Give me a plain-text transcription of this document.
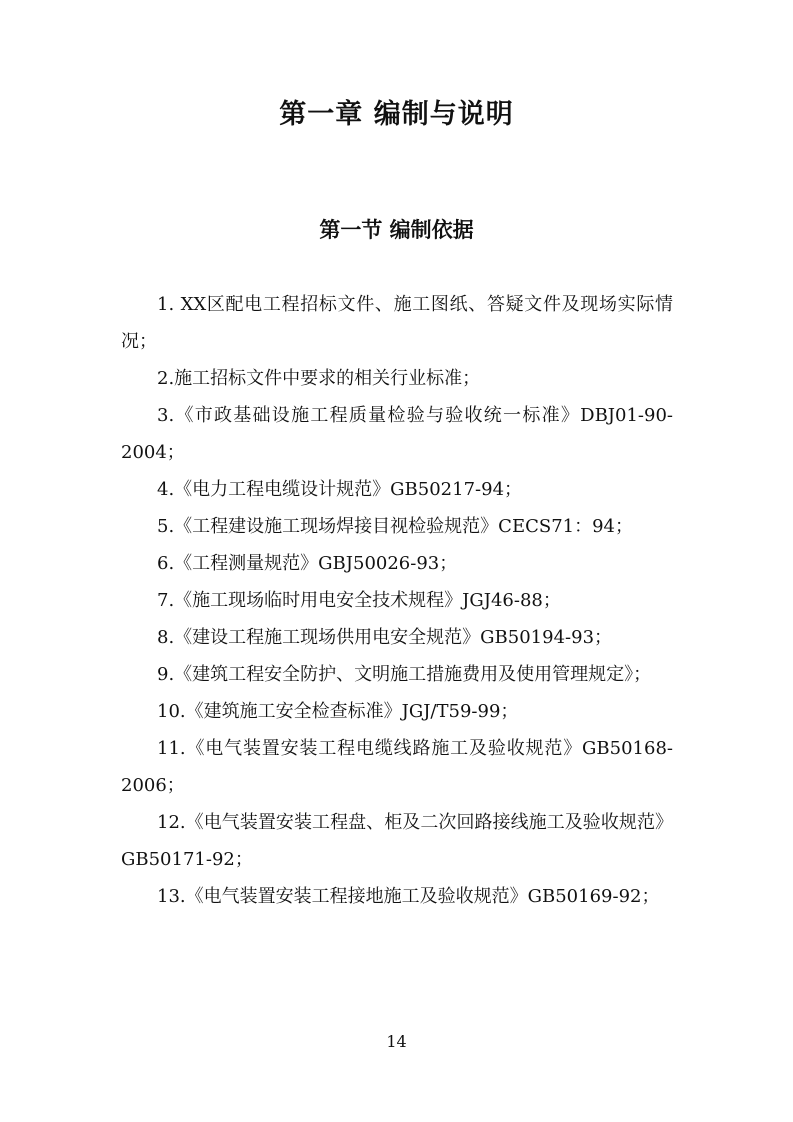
第一章 编制与说明
第一节 编制依据

1. XX区配电工程招标文件、施工图纸、答疑文件及现场实际情况；

2.施工招标文件中要求的相关行业标准；

3.《市政基础设施工程质量检验与验收统一标准》DBJ01-90-2004；

4.《电力工程电缆设计规范》GB50217-94；

5.《工程建设施工现场焊接目视检验规范》CECS71：94；

6.《工程测量规范》GBJ50026-93；

7.《施工现场临时用电安全技术规程》JGJ46-88；

8.《建设工程施工现场供用电安全规范》GB50194-93；

9.《建筑工程安全防护、文明施工措施费用及使用管理规定》；

10.《建筑施工安全检查标准》JGJ/T59-99；

11.《电气装置安装工程电缆线路施工及验收规范》GB50168-2006；

12.《电气装置安装工程盘、柜及二次回路接线施工及验收规范》GB50171-92；

13.《电气装置安装工程接地施工及验收规范》GB50169-92；

14
